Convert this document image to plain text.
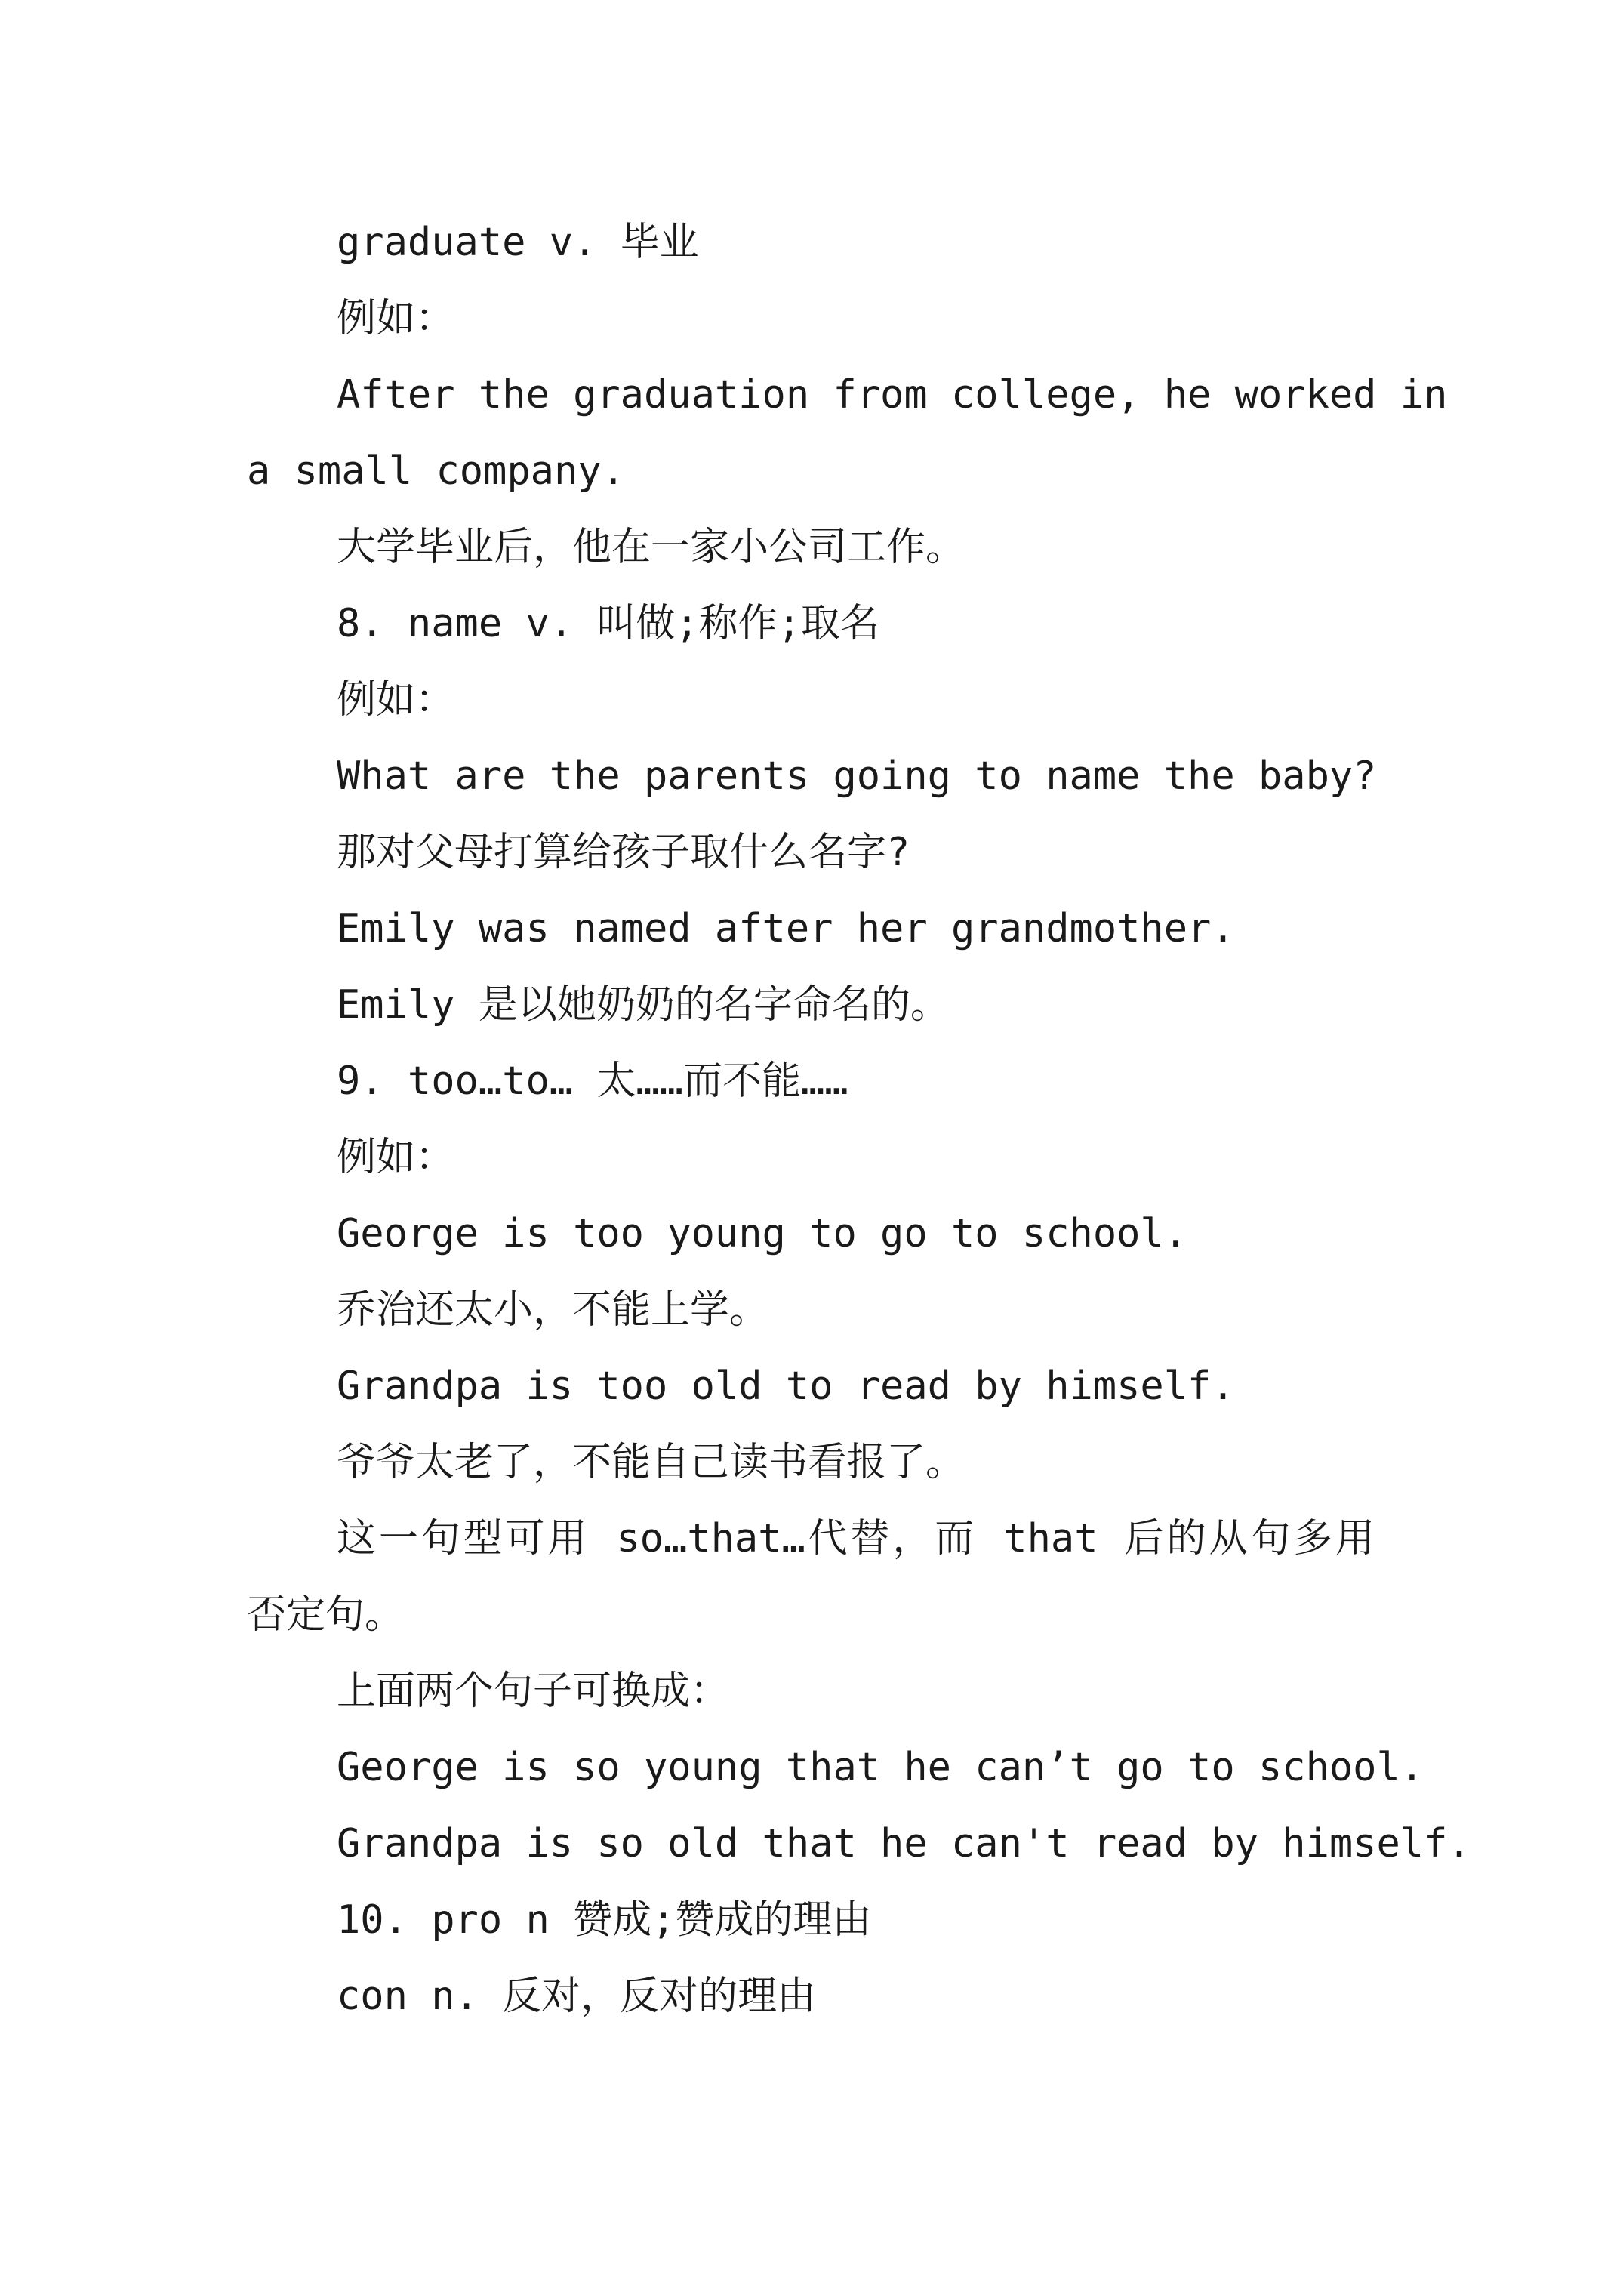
graduate v. 毕业
例如：
After the graduation from college, he worked in
a small company.
大学毕业后，他在一家小公司工作。
8. name v. 叫做;称作;取名
例如：
What are the parents going to name the baby?
那对父母打算给孩子取什么名字?
Emily was named after her grandmother.
Emily 是以她奶奶的名字命名的。
9. too…to… 太……而不能……
例如：
George is too young to go to school.
乔治还太小，不能上学。
Grandpa is too old to read by himself.
爷爷太老了，不能自己读书看报了。
这一句型可用 so…that…代替，而 that 后的从句多用
否定句。
上面两个句子可换成：
George is so young that he can’t go to school.
Grandpa is so old that he can't read by himself.
10. pro n 赞成;赞成的理由
con n. 反对，反对的理由
